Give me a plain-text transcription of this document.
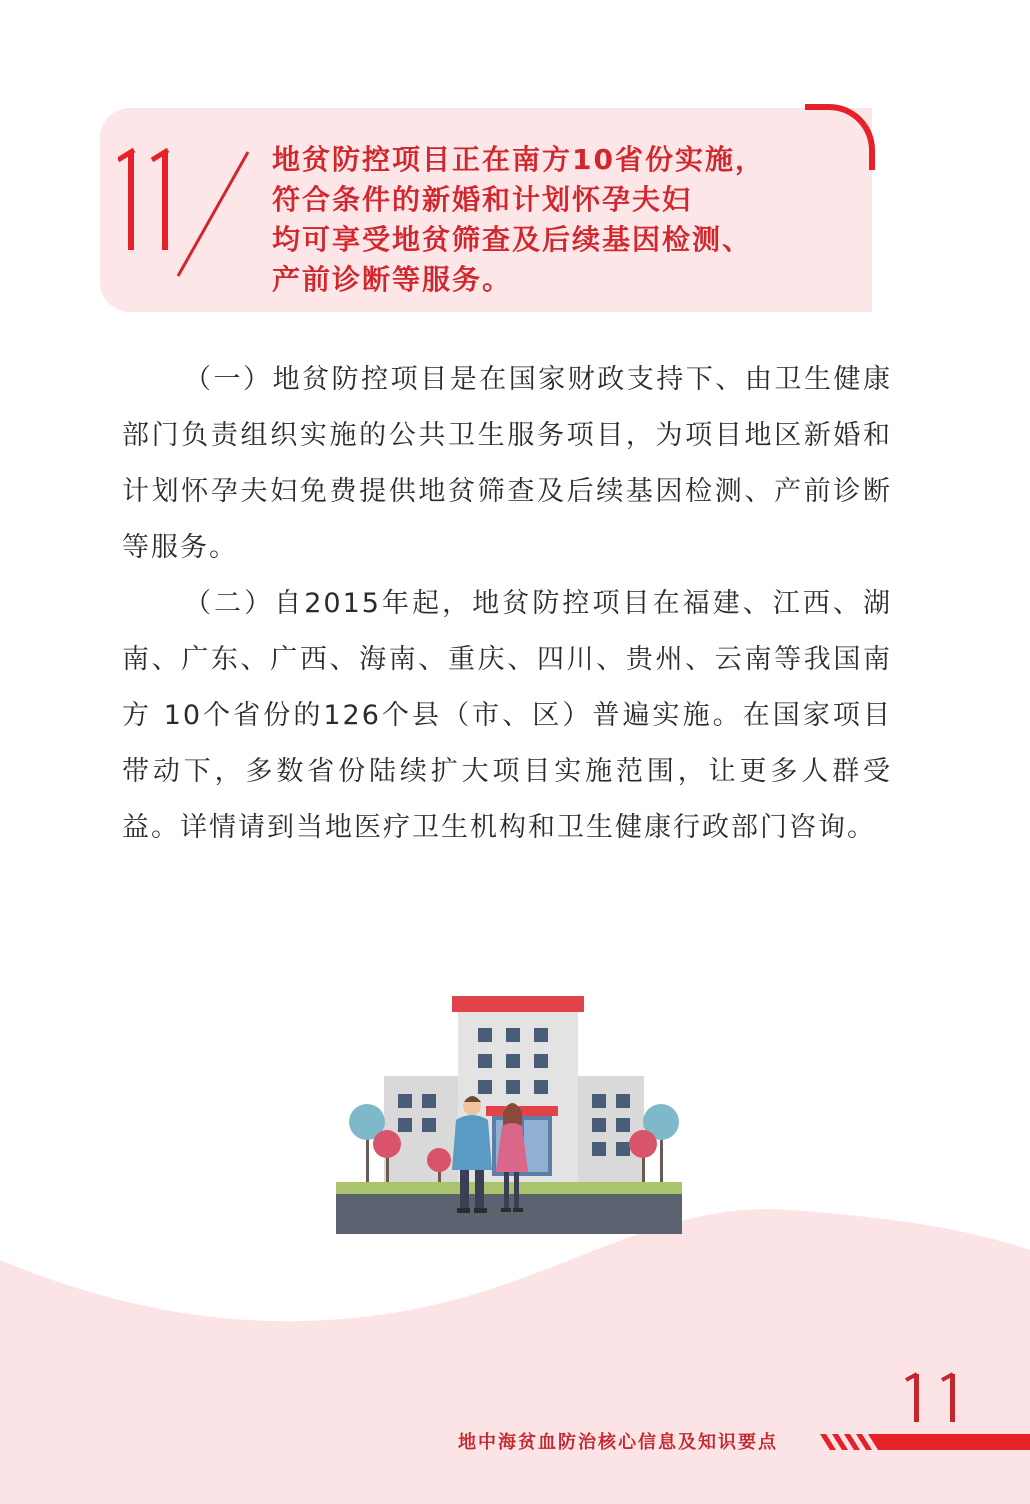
地贫防控项目正在南方10省份实施，
符合条件的新婚和计划怀孕夫妇
均可享受地贫筛查及后续基因检测、
产前诊断等服务。

（一）地贫防控项目是在国家财政支持下、由卫生健康部门负责组织实施的公共卫生服务项目，为项目地区新婚和计划怀孕夫妇免费提供地贫筛查及后续基因检测、产前诊断等服务。

（二）自2015年起，地贫防控项目在福建、江西、湖南、广东、广西、海南、重庆、四川、贵州、云南等我国南方 10个省份的126个县（市、区）普遍实施。在国家项目带动下，多数省份陆续扩大项目实施范围，让更多人群受益。详情请到当地医疗卫生机构和卫生健康行政部门咨询。

地中海贫血防治核心信息及知识要点
